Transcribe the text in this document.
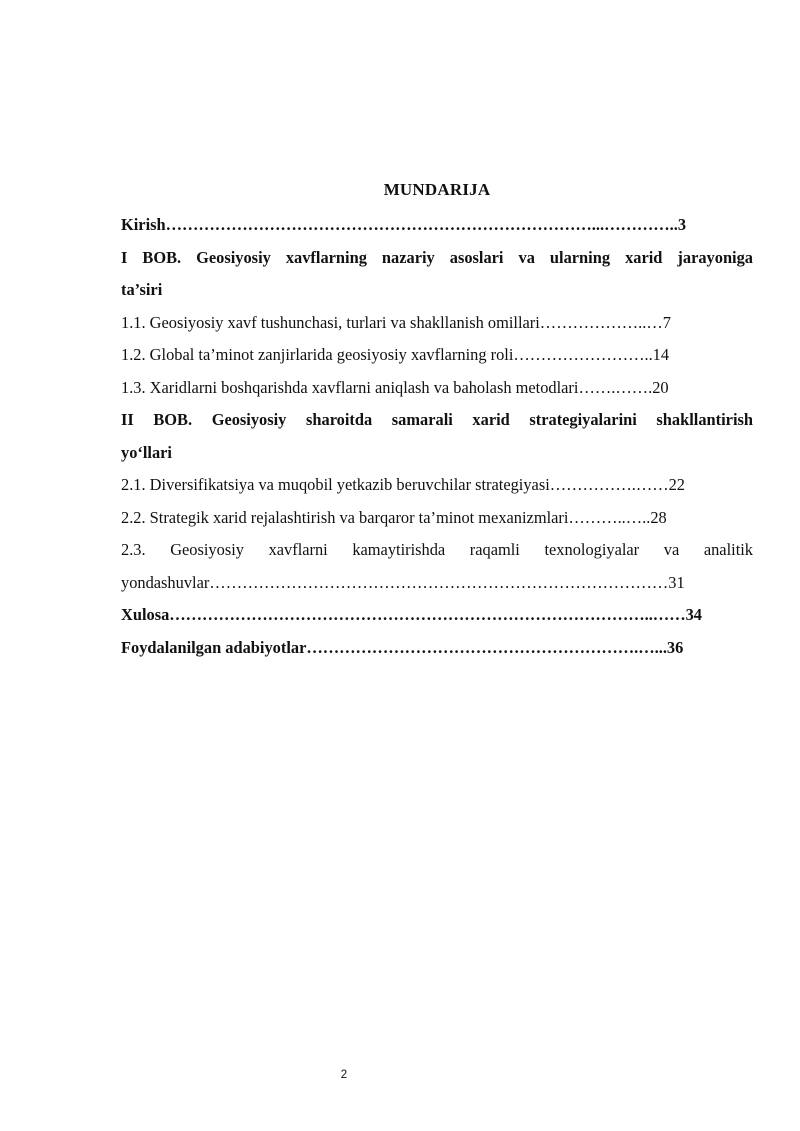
MUNDARIJA
Kirish……………………………………………………………………...…………..3
I BOB. Geosiyosiy xavflarning nazariy asoslari va ularning xarid jarayoniga
ta’siri
1.1. Geosiyosiy xavf tushunchasi, turlari va shakllanish omillari………………..…7
1.2. Global ta’minot zanjirlarida geosiyosiy xavflarning roli……………………..14
1.3. Xaridlarni boshqarishda xavflarni aniqlash va baholash metodlari…….…….20
II BOB. Geosiyosiy sharoitda samarali xarid strategiyalarini shakllantirish
yo‘llari
2.1. Diversifikatsiya va muqobil yetkazib beruvchilar strategiyasi…………….……22
2.2. Strategik xarid rejalashtirish va barqaror ta’minot mexanizmlari………..…..28
2.3. Geosiyosiy xavflarni kamaytirishda raqamli texnologiyalar va analitik
yondashuvlar…………………………………………………………………………31
Xulosa……………………………………………………………………………..……34
Foydalanilgan adabiyotlar…………………………………………………….…...36
2
